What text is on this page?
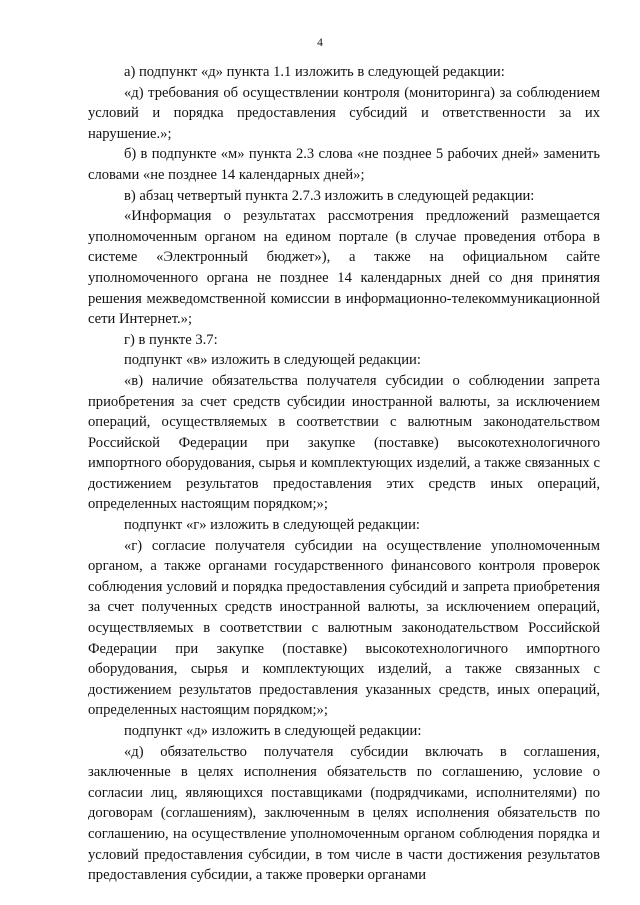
4

а) подпункт «д» пункта 1.1 изложить в следующей редакции:

«д) требования об осуществлении контроля (мониторинга) за соблюдением условий и порядка предоставления субсидий и ответственности за их нарушение.»;

б) в подпункте «м» пункта 2.3 слова «не позднее 5 рабочих дней» заменить словами «не позднее 14 календарных дней»;

в) абзац четвертый пункта 2.7.3 изложить в следующей редакции:

«Информация о результатах рассмотрения предложений размещается уполномоченным органом на едином портале (в случае проведения отбора в системе «Электронный бюджет»), а также на официальном сайте уполномоченного органа не позднее 14 календарных дней со дня принятия решения межведомственной комиссии в информационно-телекоммуникационной сети Интернет.»;

г) в пункте 3.7:

подпункт «в» изложить в следующей редакции:

«в) наличие обязательства получателя субсидии о соблюдении запрета приобретения за счет средств субсидии иностранной валюты, за исключением операций, осуществляемых в соответствии с валютным законодательством Российской Федерации при закупке (поставке) высокотехнологичного импортного оборудования, сырья и комплектующих изделий, а также связанных с достижением результатов предоставления этих средств иных операций, определенных настоящим порядком;»;

подпункт «г» изложить в следующей редакции:

«г) согласие получателя субсидии на осуществление уполномоченным органом, а также органами государственного финансового контроля проверок соблюдения условий и порядка предоставления субсидий и запрета приобретения за счет полученных средств иностранной валюты, за исключением операций, осуществляемых в соответствии с валютным законодательством Российской Федерации при закупке (поставке) высокотехнологичного импортного оборудования, сырья и комплектующих изделий, а также связанных с достижением результатов предоставления указанных средств, иных операций, определенных настоящим порядком;»;

подпункт «д» изложить в следующей редакции:

«д) обязательство получателя субсидии включать в соглашения, заключенные в целях исполнения обязательств по соглашению, условие о согласии лиц, являющихся поставщиками (подрядчиками, исполнителями) по договорам (соглашениям), заключенным в целях исполнения обязательств по соглашению, на осуществление уполномоченным органом соблюдения порядка и условий предоставления субсидии, в том числе в части достижения результатов предоставления субсидии, а также проверки органами
